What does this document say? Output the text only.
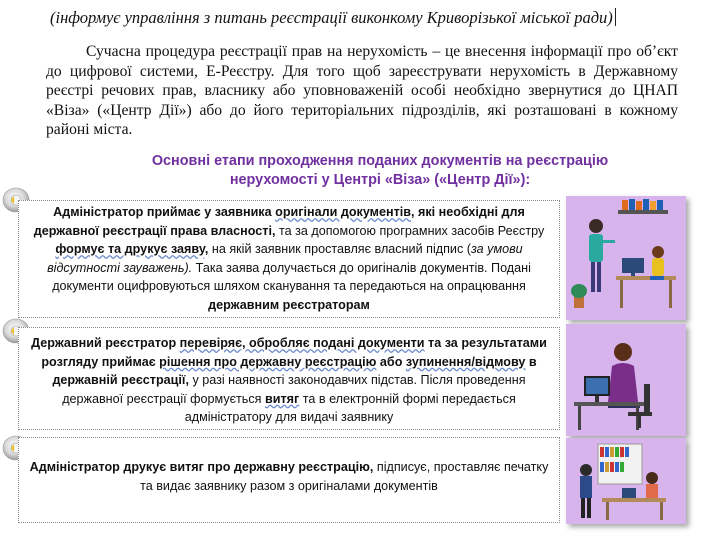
(інформує управління з питань реєстрації виконкому Криворізької міської ради)
Сучасна процедура реєстрації прав на нерухомість – це внесення інформації про об’єкт до цифрової системи, Е-Реєстру. Для того щоб зареєструвати нерухомість в Державному реєстрі речових прав, власнику або уповноваженій особі необхідно звернутися до ЦНАП «Віза» («Центр Дії») або до його територіальних підрозділів, які розташовані в кожному районі міста.
Основні етапи проходження поданих документів на реєстрацію
нерухомості у Центрі «Віза» («Центр Дії»):
Адміністратор приймає у заявника оригінали документів, які необхідні для державної реєстрації права власності, та за допомогою програмних засобів Реєстру формує та друкує заяву, на якій заявник проставляє власний підпис (за умови відсутності зауважень). Така заява долучається до оригіналів документів. Подані документи оцифровуються шляхом сканування та передаються на опрацювання державним реєстраторам
Державний реєстратор перевіряє, обробляє подані документи та за результатами розгляду приймає рішення про державну реєстрацію або зупинення/відмову в державній реєстрації, у разі наявності законодавчих підстав. Після проведення державної реєстрації формується витяг та в електронній формі передається адміністратору для видачі заявнику
Адміністратор друкує витяг про державну реєстрацію, підписує, проставляє печатку та видає заявнику разом з оригіналами документів
